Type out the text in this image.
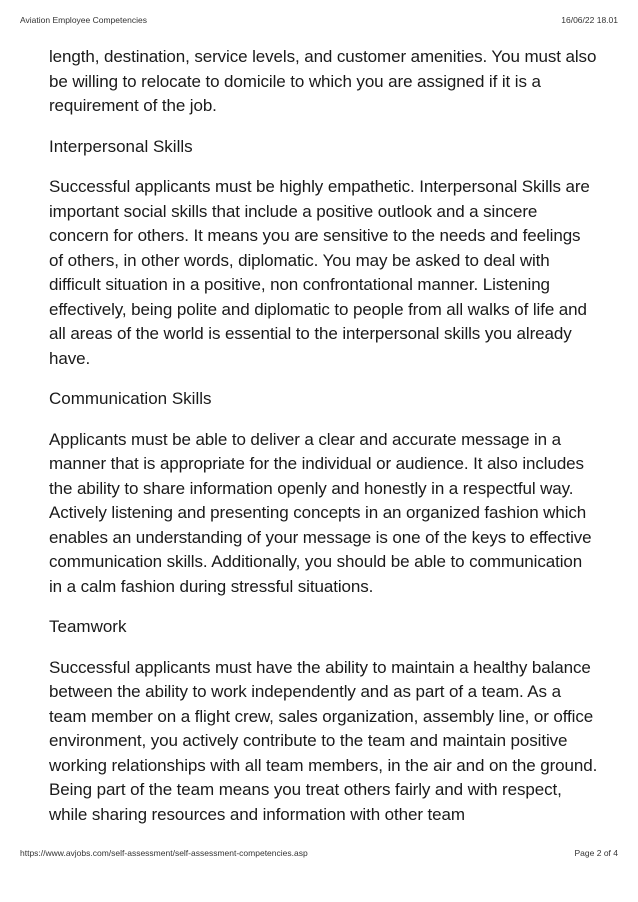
Aviation Employee Competencies	16/06/22 18.01

length, destination, service levels, and customer amenities. You must also be willing to relocate to domicile to which you are assigned if it is a requirement of the job.

Interpersonal Skills

Successful applicants must be highly empathetic. Interpersonal Skills are important social skills that include a positive outlook and a sincere concern for others. It means you are sensitive to the needs and feelings of others, in other words, diplomatic. You may be asked to deal with difficult situation in a positive, non confrontational manner. Listening effectively, being polite and diplomatic to people from all walks of life and all areas of the world is essential to the interpersonal skills you already have.

Communication Skills

Applicants must be able to deliver a clear and accurate message in a manner that is appropriate for the individual or audience. It also includes the ability to share information openly and honestly in a respectful way. Actively listening and presenting concepts in an organized fashion which enables an understanding of your message is one of the keys to effective communication skills. Additionally, you should be able to communication in a calm fashion during stressful situations.

Teamwork

Successful applicants must have the ability to maintain a healthy balance between the ability to work independently and as part of a team. As a team member on a flight crew, sales organization, assembly line, or office environment, you actively contribute to the team and maintain positive working relationships with all team members, in the air and on the ground. Being part of the team means you treat others fairly and with respect, while sharing resources and information with other team

https://www.avjobs.com/self-assessment/self-assessment-competencies.asp	Page 2 of 4
